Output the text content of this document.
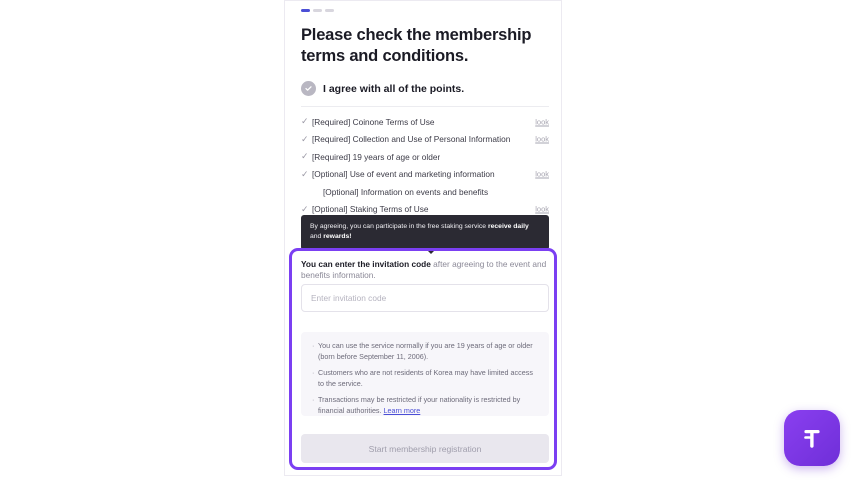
Please check the membership terms and conditions.
I agree with all of the points.
✓ [Required] Coinone Terms of Use	look
✓ [Required] Collection and Use of Personal Information	look
✓ [Required] 19 years of age or older
✓ [Optional] Use of event and marketing information	look
[Optional] Information on events and benefits
✓ [Optional] Staking Terms of Use	look
By agreeing, you can participate in the free staking service receive daily
and rewards!
You can enter the invitation code after agreeing to the event and benefits information.
Enter invitation code
· You can use the service normally if you are 19 years of age or older (born before September 11, 2006).
· Customers who are not residents of Korea may have limited access to the service.
· Transactions may be restricted if your nationality is restricted by financial authorities. Learn more
Start membership registration
